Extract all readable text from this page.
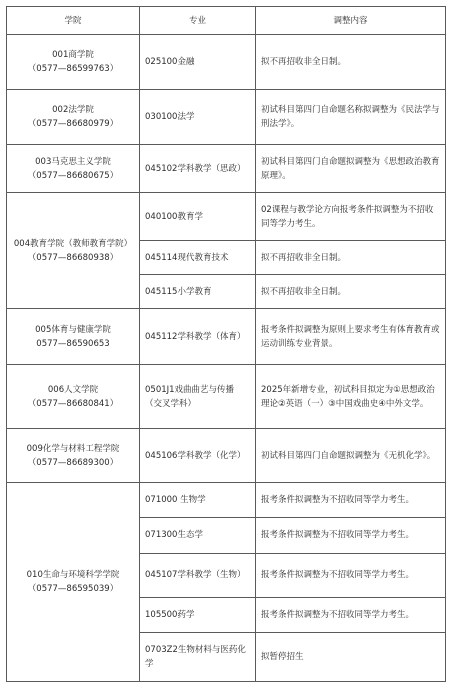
学院	专业	调整内容

001商学院
（0577—86599763）	025100金融	拟不再招收非全日制。

002法学院
（0577—86680979）	030100法学	初试科目第四门自命题名称拟调整为《民法学与刑法学》。

003马克思主义学院
（0577—86680675）	045102学科教学（思政）	初试科目第四门自命题拟调整为《思想政治教育原理》。

004教育学院（教师教育学院）
（0577—86680938）	040100教育学	02课程与教学论方向报考条件拟调整为不招收同等学力考生。
	045114现代教育技术	拟不再招收非全日制。
	045115小学教育	拟不再招收非全日制。

005体育与健康学院
0577—86590653	045112学科教学（体育）	报考条件拟调整为原则上要求考生有体育教育或运动训练专业背景。

006人文学院
（0577—86680841）	0501J1戏曲曲艺与传播（交叉学科）	2025年新增专业，初试科目拟定为①思想政治理论②英语（一）③中国戏曲史④中外文学。

009化学与材料工程学院
（0577—86689300）	045106学科教学（化学）	初试科目第四门自命题拟调整为《无机化学》。

010生命与环境科学学院
（0577—86595039）	071000 生物学	报考条件拟调整为不招收同等学力考生。
	071300生态学	报考条件拟调整为不招收同等学力考生。
	045107学科教学（生物）	报考条件拟调整为不招收同等学力考生。
	105500药学	报考条件拟调整为不招收同等学力考生。
	0703Z2生物材料与医药化学	拟暂停招生
